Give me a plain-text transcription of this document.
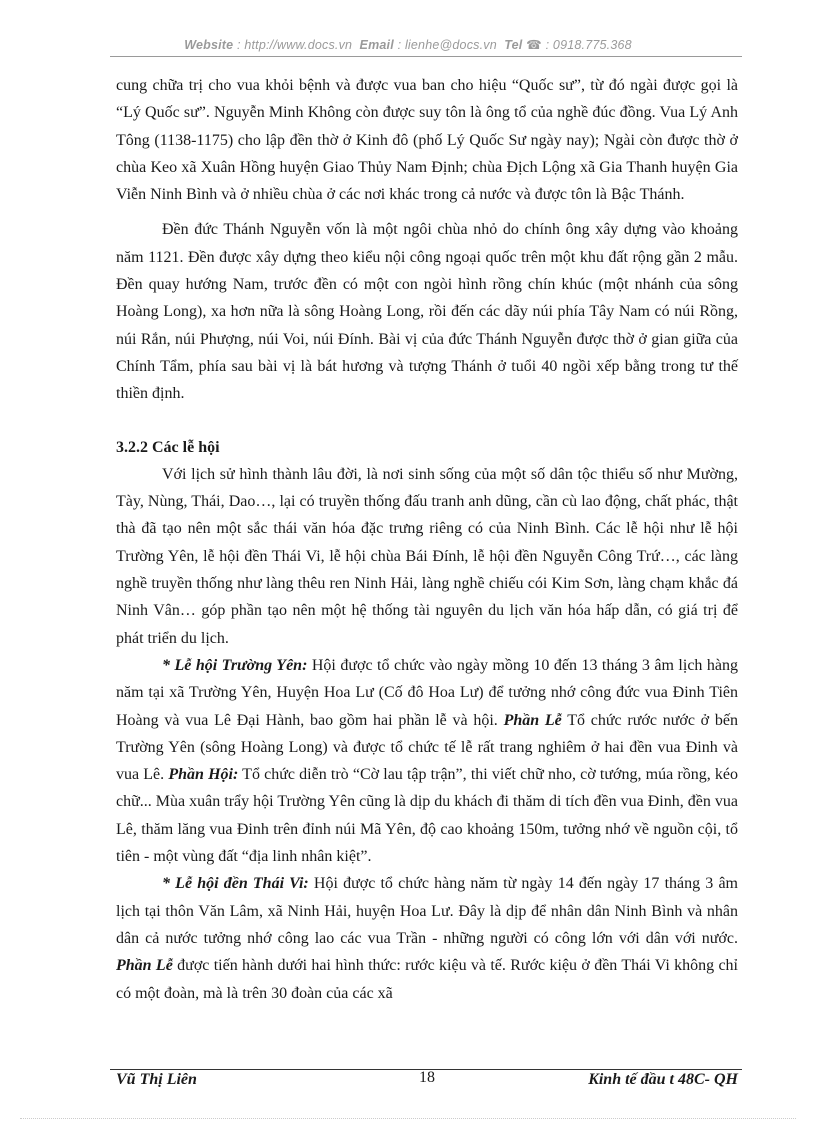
Website : http://www.docs.vn Email : lienhe@docs.vn Tel ☎ : 0918.775.368

cung chữa trị cho vua khỏi bệnh và được vua ban cho hiệu “Quốc sư”, từ đó ngài được gọi là “Lý Quốc sư”. Nguyễn Minh Không còn được suy tôn là ông tổ của nghề đúc đồng. Vua Lý Anh Tông (1138-1175) cho lập đền thờ ở Kinh đô (phố Lý Quốc Sư ngày nay); Ngài còn được thờ ở chùa Keo xã Xuân Hồng huyện Giao Thủy Nam Định; chùa Địch Lộng xã Gia Thanh huyện Gia Viễn Ninh Bình và ở nhiều chùa ở các nơi khác trong cả nước và được tôn là Bậc Thánh.

Đền đức Thánh Nguyễn vốn là một ngôi chùa nhỏ do chính ông xây dựng vào khoảng năm 1121. Đền được xây dựng theo kiểu nội công ngoại quốc trên một khu đất rộng gần 2 mẫu. Đền quay hướng Nam, trước đền có một con ngòi hình rồng chín khúc (một nhánh của sông Hoàng Long), xa hơn nữa là sông Hoàng Long, rồi đến các dãy núi phía Tây Nam có núi Rồng, núi Rắn, núi Phượng, núi Voi, núi Đính. Bài vị của đức Thánh Nguyễn được thờ ở gian giữa của Chính Tẩm, phía sau bài vị là bát hương và tượng Thánh ở tuổi 40 ngồi xếp bằng trong tư thế thiền định.

3.2.2 Các lễ hội

Với lịch sử hình thành lâu đời, là nơi sinh sống của một số dân tộc thiểu số như Mường, Tày, Nùng, Thái, Dao…, lại có truyền thống đấu tranh anh dũng, cần cù lao động, chất phác, thật thà đã tạo nên một sắc thái văn hóa đặc trưng riêng có của Ninh Bình. Các lễ hội như lễ hội Trường Yên, lễ hội đền Thái Vi, lễ hội chùa Bái Đính, lễ hội đền Nguyễn Công Trứ…, các làng nghề truyền thống như làng thêu ren Ninh Hải, làng nghề chiếu cói Kim Sơn, làng chạm khắc đá Ninh Vân… góp phần tạo nên một hệ thống tài nguyên du lịch văn hóa hấp dẫn, có giá trị để phát triển du lịch.

* Lễ hội Trường Yên: Hội được tổ chức vào ngày mồng 10 đến 13 tháng 3 âm lịch hàng năm tại xã Trường Yên, Huyện Hoa Lư (Cố đô Hoa Lư) để tưởng nhớ công đức vua Đinh Tiên Hoàng và vua Lê Đại Hành, bao gồm hai phần lễ và hội. Phần Lễ Tổ chức rước nước ở bến Trường Yên (sông Hoàng Long) và được tổ chức tế lễ rất trang nghiêm ở hai đền vua Đinh và vua Lê. Phần Hội: Tổ chức diễn trò “Cờ lau tập trận”, thi viết chữ nho, cờ tướng, múa rồng, kéo chữ... Mùa xuân trẩy hội Trường Yên cũng là dịp du khách đi thăm di tích đền vua Đinh, đền vua Lê, thăm lăng vua Đinh trên đỉnh núi Mã Yên, độ cao khoảng 150m, tưởng nhớ về nguồn cội, tổ tiên - một vùng đất “địa linh nhân kiệt”.

* Lễ hội đền Thái Vi: Hội được tổ chức hàng năm từ ngày 14 đến ngày 17 tháng 3 âm lịch tại thôn Văn Lâm, xã Ninh Hải, huyện Hoa Lư. Đây là dịp để nhân dân Ninh Bình và nhân dân cả nước tưởng nhớ công lao các vua Trần - những người có công lớn với dân với nước. Phần Lễ được tiến hành dưới hai hình thức: rước kiệu và tế. Rước kiệu ở đền Thái Vi không chỉ có một đoàn, mà là trên 30 đoàn của các xã

Vũ Thị Liên	18	Kinh tế đầu t 48C- QH
